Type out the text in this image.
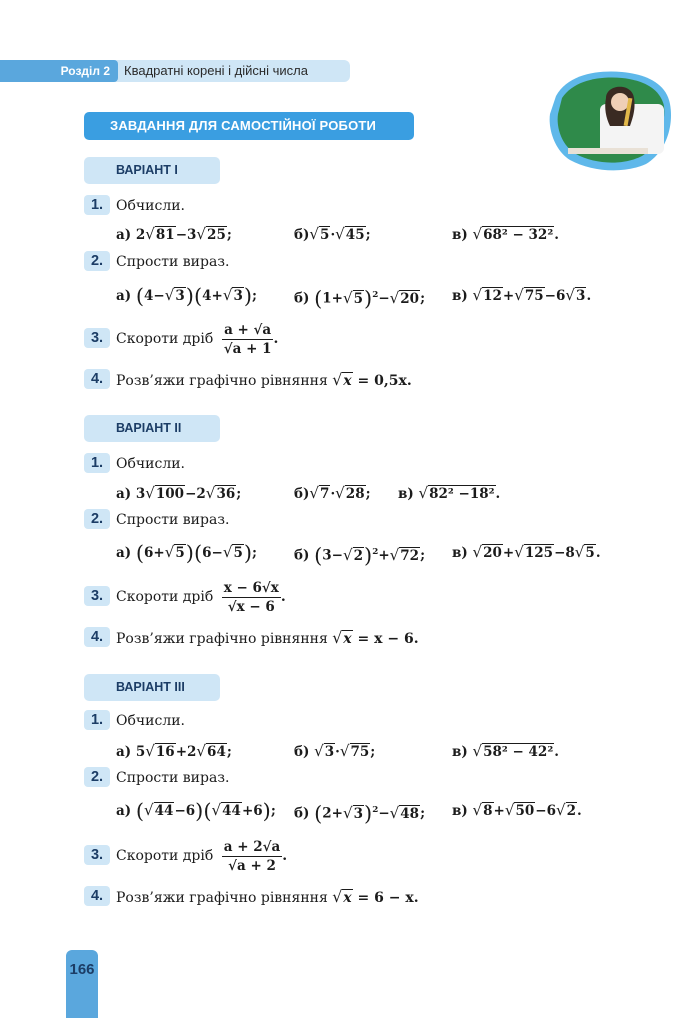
Розділ 2	Квадратні корені і дійсні числа
ЗАВДАННЯ ДЛЯ САМОСТІЙНОЇ РОБОТИ
ВАРІАНТ I
1. Обчисли.
а) 2√81−3√25;	б)√5·√45;	в) √68² − 32².
2. Спрости вираз.
а) (4−√3)(4+√3);	б) $(1+√5)^2-√20$; в) √12+√75−6√3.
3. Скороти дріб $\frac{a + √a}{√a + 1}$ .
4. Розв’яжи графічно рівняння √x = 0,5x.
ВАРІАНТ II
1. Обчисли.
а) 3√100−2√36;	б)√7·√28; в) √82² −18².
2. Спрости вираз.
а) (6+√5)(6−√5);	б) $(3-√2)^2+√72$; в) √20+√125−8√5.
3. Скороти дріб $\frac{x - 6√x}{√x - 6}$ .
4. Розв’яжи графічно рівняння √x = x − 6.
ВАРІАНТ III
1. Обчисли.
а) 5√16+2√64;	б) √3·√75;	в) √58² − 42².
2. Спрости вираз.
а) (√44−6)(√44+6); б) $(2+√3)^2-√48$; в) √8+√50−6√2.
3. Скороти дріб $\frac{a + 2√a}{√a + 2}$ .
4. Розв’яжи графічно рівняння √x = 6 − x.
166
